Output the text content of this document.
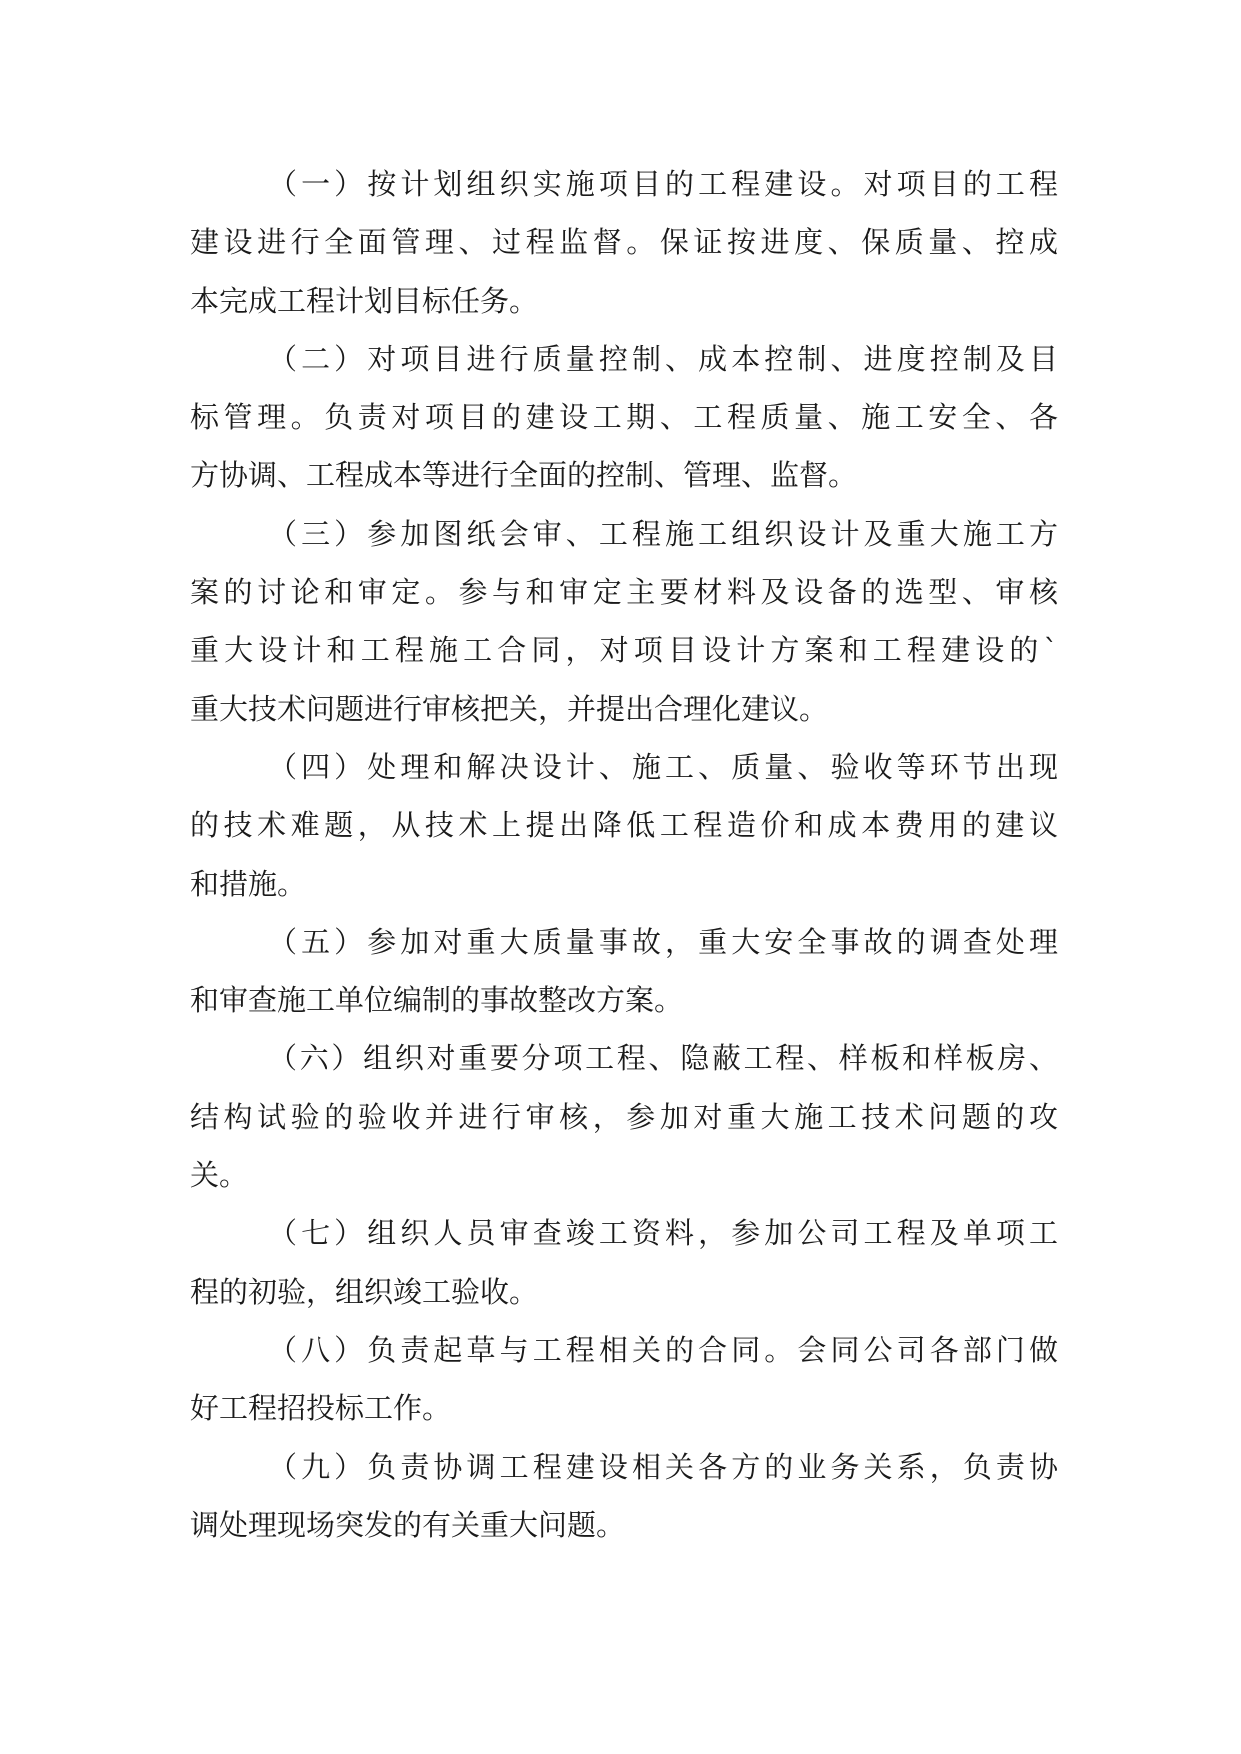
（一）按计划组织实施项目的工程建设。对项目的工程
建设进行全面管理、过程监督。保证按进度、保质量、控成
本完成工程计划目标任务。

（二）对项目进行质量控制、成本控制、进度控制及目
标管理。负责对项目的建设工期、工程质量、施工安全、各
方协调、工程成本等进行全面的控制、管理、监督。

（三）参加图纸会审、工程施工组织设计及重大施工方
案的讨论和审定。参与和审定主要材料及设备的选型、审核
重大设计和工程施工合同，对项目设计方案和工程建设的`
重大技术问题进行审核把关，并提出合理化建议。

（四）处理和解决设计、施工、质量、验收等环节出现
的技术难题，从技术上提出降低工程造价和成本费用的建议
和措施。

（五）参加对重大质量事故，重大安全事故的调查处理
和审查施工单位编制的事故整改方案。

（六）组织对重要分项工程、隐蔽工程、样板和样板房、
结构试验的验收并进行审核，参加对重大施工技术问题的攻
关。

（七）组织人员审查竣工资料，参加公司工程及单项工
程的初验，组织竣工验收。

（八）负责起草与工程相关的合同。会同公司各部门做
好工程招投标工作。

（九）负责协调工程建设相关各方的业务关系，负责协
调处理现场突发的有关重大问题。
